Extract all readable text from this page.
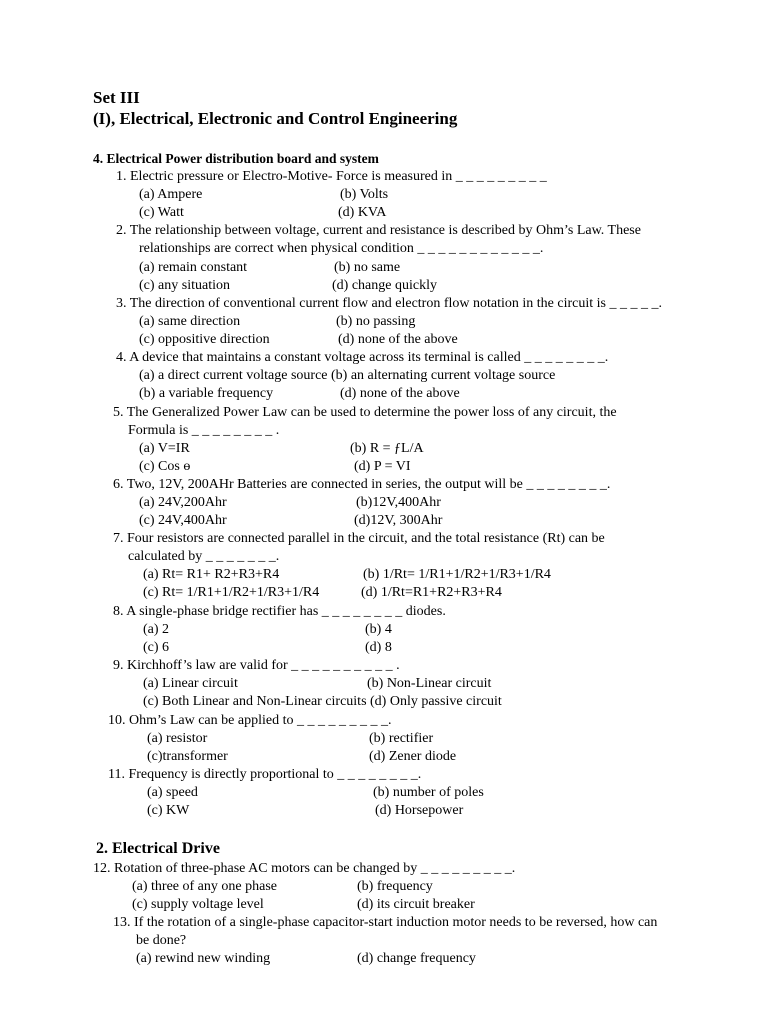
Set III
(I), Electrical, Electronic and Control Engineering
4. Electrical Power distribution board and system
1. Electric pressure or Electro-Motive- Force is measured in _ _ _ _ _ _ _ _ _
(a) Ampere	(b) Volts
(c) Watt	(d) KVA
2. The relationship between voltage, current and resistance is described by Ohm’s Law. These
relationships are correct when physical condition _ _ _ _ _ _ _ _ _ _ _ _.
(a) remain constant	(b) no same
(c) any situation	(d) change quickly
3. The direction of conventional current flow and electron flow notation in the circuit is _ _ _ _ _.
(a) same direction	(b) no passing
(c) oppositive direction	(d) none of the above
4. A device that maintains a constant voltage across its terminal is called _ _ _ _ _ _ _ _.
(a) a direct current voltage source (b) an alternating current voltage source
(b) a variable frequency	(d) none of the above
5. The Generalized Power Law can be used to determine the power loss of any circuit, the
Formula is _ _ _ _ _ _ _ _ .
(a) V=IR	(b) R = ƒL/A
(c) Cos ɵ	(d) P = VI
6. Two, 12V, 200AHr Batteries are connected in series, the output will be _ _ _ _ _ _ _ _.
(a) 24V,200Ahr	(b)12V,400Ahr
(c) 24V,400Ahr	(d)12V, 300Ahr
7. Four resistors are connected parallel in the circuit, and the total resistance (Rt) can be
calculated by _ _ _ _ _ _ _.
(a) Rt= R1+ R2+R3+R4	(b) 1/Rt= 1/R1+1/R2+1/R3+1/R4
(c) Rt= 1/R1+1/R2+1/R3+1/R4	(d) 1/Rt=R1+R2+R3+R4
8. A single-phase bridge rectifier has _ _ _ _ _ _ _ _ diodes.
(a) 2	(b) 4
(c) 6	(d) 8
9. Kirchhoff’s law are valid for _ _ _ _ _ _ _ _ _ _ .
(a) Linear circuit	(b) Non-Linear circuit
(c) Both Linear and Non-Linear circuits (d) Only passive circuit
10. Ohm’s Law can be applied to _ _ _ _ _ _ _ _ _.
(a) resistor	(b) rectifier
(c)transformer	(d) Zener diode
11. Frequency is directly proportional to _ _ _ _ _ _ _ _.
(a) speed	(b) number of poles
(c) KW	(d) Horsepower
2. Electrical Drive
12. Rotation of three-phase AC motors can be changed by _ _ _ _ _ _ _ _ _.
(a) three of any one phase	(b) frequency
(c) supply voltage level	(d) its circuit breaker
13. If the rotation of a single-phase capacitor-start induction motor needs to be reversed, how can
be done?
(a) rewind new winding	(d) change frequency
